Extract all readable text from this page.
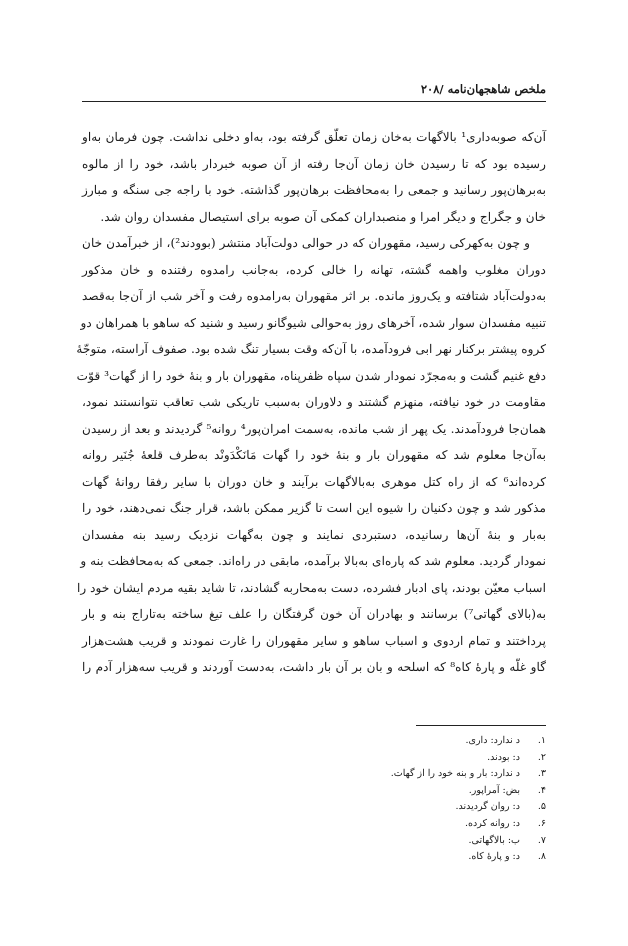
ملخص شاهجهان‌نامه /۲۰۸
آن‌که صوبه‌داری¹ بالاگهات به‌خان زمان تعلّق گرفته بود، به‌او دخلی نداشت. چون فرمان به‌او
رسیده بود که تا رسیدن خان زمان آن‌جا رفته از آن صوبه خبردار باشد، خود را از مالوه
به‌برهان‌پور رسانید و جمعی را به‌محافظت برهان‌پور گذاشته. خود با راجه جی سنگه و مبارز
خان و جگراج و دیگر امرا و منصبداران کمکی آن صوبه برای استیصال مفسدان روان شد.
و چون به‌کهرکی رسید، مقهوران که در حوالی دولت‌آباد منتشر (بوودند²)، از خبرآمدن خان
دوران مغلوب واهمه گشته، تهانه را خالی کرده، به‌جانب رامدوه رفتنده و خان مذکور
به‌دولت‌آباد شتافته و یک‌روز مانده. بر اثر مقهوران به‌رامدوه رفت و آخر شب از آن‌جا به‌قصد
تنبیه مفسدان سوار شده، آخرهای روز به‌حوالی شیوگانو رسید و شنید که ساهو با همراهان دو
کروه پیشتر برکنار نهر ابی فرودآمده، با آن‌که وقت بسیار تنگ شده بود. صفوف آراسته، متوجّهٔ
دفع غنیم گشت و به‌مجرّد نمودار شدن سپاه ظفرپناه، مقهوران بار و بنهٔ خود را از گهات³ قوّت
مقاومت در خود نیافته، منهزم گشتند و دلاوران به‌سبب تاریکی شب تعاقب نتوانستند نمود،
همان‌جا فرودآمدند. یک پهر از شب مانده، به‌سمت امران‌پور⁴ روانه⁵ گردیدند و بعد از رسیدن
به‌آن‌جا معلوم شد که مقهوران بار و بنهٔ خود را گهات مَانَکْدَونْد به‌طرف قلعهٔ جُنَیر روانه
کرده‌اند⁶ که از راه کتل موهری به‌بالاگهات برآیند و خان دوران با سایر رفقا روانهٔ گهات
مذکور شد و چون دکنیان را شیوه این است تا گزیر ممکن باشد، قرار جنگ نمی‌دهند، خود را
به‌بار و بنهٔ آن‌ها رسانیده، دستبردی نمایند و چون به‌گهات نزدیک رسید بنه مفسدان
نمودار گردید. معلوم شد که پاره‌ای به‌بالا برآمده، مابقی در راه‌اند. جمعی که به‌محافظت بنه و
اسباب معیّن بودند، پای ادبار فشرده، دست به‌محاربه گشادند، تا شاید بقیه مردم ایشان خود را
به(بالای گهاتی⁷) برسانند و بهادران آن خون گرفتگان را علف تیغ ساخته به‌تاراج بنه و بار
پرداختند و تمام اردوی و اسباب ساهو و سایر مقهوران را غارت نمودند و قریب هشت‌هزار
گاو غلّه و پارهٔ کاه⁸ که اسلحه و بان بر آن بار داشت، به‌دست آوردند و قریب سه‌هزار آدم را
۱.
د ندارد: داری.
۲.
د: بودند.
۳.
د ندارد: بار و بنه خود را از گهات.
۴.
بض: آمراپور.
۵.
د: روان گردیدند.
۶.
د: روانه کرده.
۷.
ب: بالاگهاتی.
۸.
د: و پارهٔ کاه.
